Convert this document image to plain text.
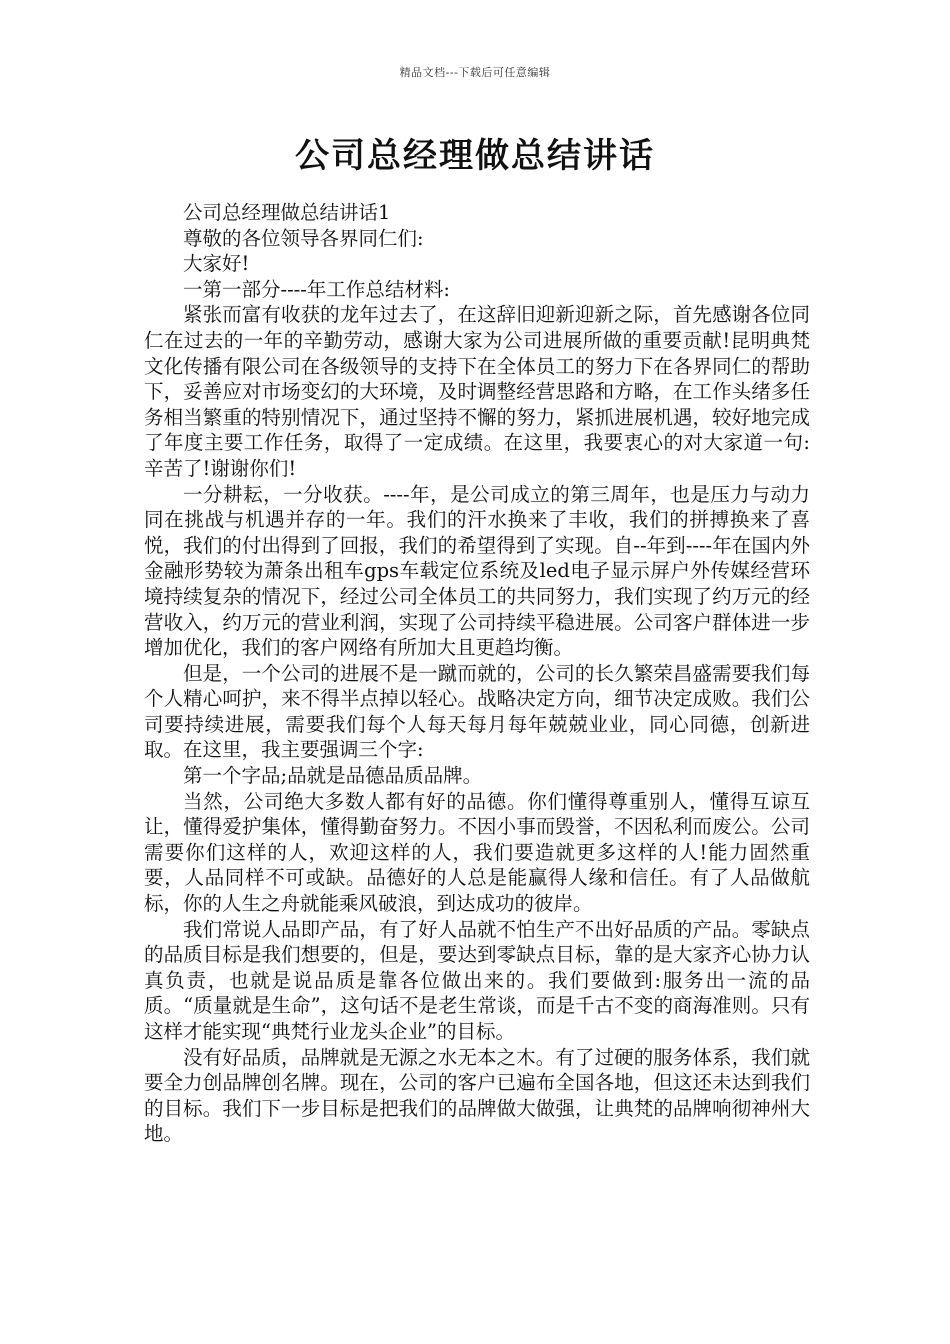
精品文档---下载后可任意编辑
公司总经理做总结讲话

公司总经理做总结讲话1

尊敬的各位领导各界同仁们:

大家好!

一第一部分----年工作总结材料:

紧张而富有收获的龙年过去了，在这辞旧迎新迎新之际，首先感谢各位同仁在过去的一年的辛勤劳动，感谢大家为公司进展所做的重要贡献!昆明典梵文化传播有限公司在各级领导的支持下在全体员工的努力下在各界同仁的帮助下，妥善应对市场变幻的大环境，及时调整经营思路和方略，在工作头绪多任务相当繁重的特别情况下，通过坚持不懈的努力，紧抓进展机遇，较好地完成了年度主要工作任务，取得了一定成绩。在这里，我要衷心的对大家道一句:辛苦了!谢谢你们!

一分耕耘，一分收获。----年，是公司成立的第三周年，也是压力与动力同在挑战与机遇并存的一年。我们的汗水换来了丰收，我们的拼搏换来了喜悦，我们的付出得到了回报，我们的希望得到了实现。自--年到----年在国内外金融形势较为萧条出租车gps车载定位系统及led电子显示屏户外传媒经营环境持续复杂的情况下，经过公司全体员工的共同努力，我们实现了约万元的经营收入，约万元的营业利润，实现了公司持续平稳进展。公司客户群体进一步增加优化，我们的客户网络有所加大且更趋均衡。

但是，一个公司的进展不是一蹴而就的，公司的长久繁荣昌盛需要我们每个人精心呵护，来不得半点掉以轻心。战略决定方向，细节决定成败。我们公司要持续进展，需要我们每个人每天每月每年兢兢业业，同心同德，创新进取。在这里，我主要强调三个字:

第一个字品;品就是品德品质品牌。

当然，公司绝大多数人都有好的品德。你们懂得尊重别人，懂得互谅互让，懂得爱护集体，懂得勤奋努力。不因小事而毁誉，不因私利而废公。公司需要你们这样的人，欢迎这样的人，我们要造就更多这样的人!能力固然重要，人品同样不可或缺。品德好的人总是能赢得人缘和信任。有了人品做航标，你的人生之舟就能乘风破浪，到达成功的彼岸。

我们常说人品即产品，有了好人品就不怕生产不出好品质的产品。零缺点的品质目标是我们想要的，但是，要达到零缺点目标，靠的是大家齐心协力认真负责，也就是说品质是靠各位做出来的。我们要做到:服务出一流的品质。“质量就是生命”，这句话不是老生常谈，而是千古不变的商海准则。只有这样才能实现“典梵行业龙头企业”的目标。

没有好品质，品牌就是无源之水无本之木。有了过硬的服务体系，我们就要全力创品牌创名牌。现在，公司的客户已遍布全国各地，但这还未达到我们的目标。我们下一步目标是把我们的品牌做大做强，让典梵的品牌响彻神州大地。
